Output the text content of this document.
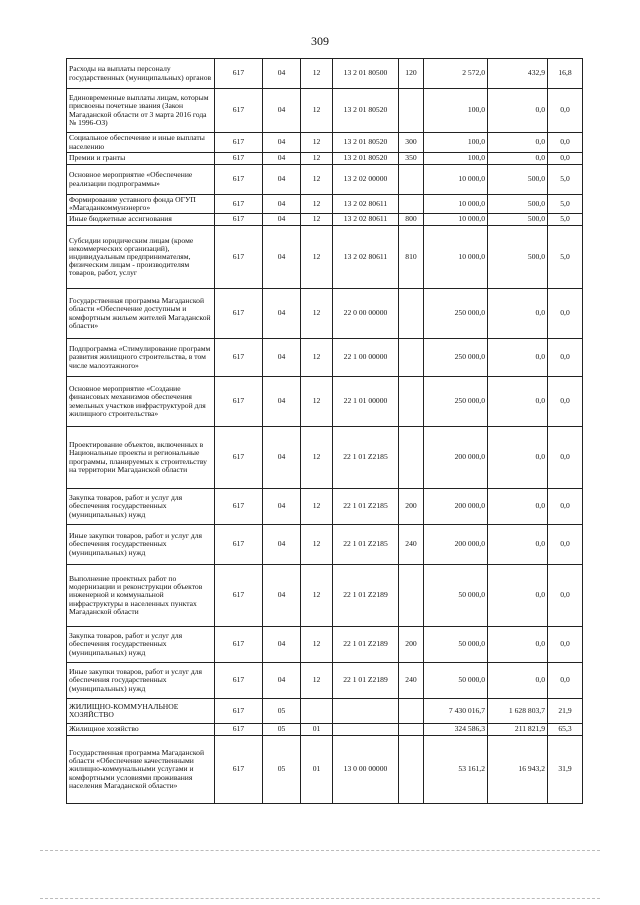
309
Расходы на выплаты персоналу государственных (муниципальных) органов	617	04	12	13 2 01 80500	120	2 572,0	432,9	16,8
Единовременные выплаты лицам, которым присвоены почетные звания (Закон Магаданской области от 3 марта 2016 года № 1996-ОЗ)	617	04	12	13 2 01 80520		100,0	0,0	0,0
Социальное обеспечение и иные выплаты населению	617	04	12	13 2 01 80520	300	100,0	0,0	0,0
Премии и гранты	617	04	12	13 2 01 80520	350	100,0	0,0	0,0
Основное мероприятие «Обеспечение реализации подпрограммы»	617	04	12	13 2 02 00000		10 000,0	500,0	5,0
Формирование уставного фонда ОГУП «Магаданкоммунэнерго»	617	04	12	13 2 02 80611		10 000,0	500,0	5,0
Иные бюджетные ассигнования	617	04	12	13 2 02 80611	800	10 000,0	500,0	5,0
Субсидии юридическим лицам (кроме некоммерческих организаций), индивидуальным предпринимателям, физическим лицам - производителям товаров, работ, услуг	617	04	12	13 2 02 80611	810	10 000,0	500,0	5,0
Государственная программа Магаданской области «Обеспечение доступным и комфортным жильем жителей Магаданской области»	617	04	12	22 0 00 00000		250 000,0	0,0	0,0
Подпрограмма «Стимулирование программ развития жилищного строительства, в том числе малоэтажного»	617	04	12	22 1 00 00000		250 000,0	0,0	0,0
Основное мероприятие «Создание финансовых механизмов обеспечения земельных участков инфраструктурой для жилищного строительства»	617	04	12	22 1 01 00000		250 000,0	0,0	0,0
Проектирование объектов, включенных в Национальные проекты и региональные программы, планируемых к строительству на территории Магаданской области	617	04	12	22 1 01 Z2185		200 000,0	0,0	0,0
Закупка товаров, работ и услуг для обеспечения государственных (муниципальных) нужд	617	04	12	22 1 01 Z2185	200	200 000,0	0,0	0,0
Иные закупки товаров, работ и услуг для обеспечения государственных (муниципальных) нужд	617	04	12	22 1 01 Z2185	240	200 000,0	0,0	0,0
Выполнение проектных работ по модернизации и реконструкции объектов инженерной и коммунальной инфраструктуры в населенных пунктах Магаданской области	617	04	12	22 1 01 Z2189		50 000,0	0,0	0,0
Закупка товаров, работ и услуг для обеспечения государственных (муниципальных) нужд	617	04	12	22 1 01 Z2189	200	50 000,0	0,0	0,0
Иные закупки товаров, работ и услуг для обеспечения государственных (муниципальных) нужд	617	04	12	22 1 01 Z2189	240	50 000,0	0,0	0,0
ЖИЛИЩНО-КОММУНАЛЬНОЕ ХОЗЯЙСТВО	617	05				7 430 016,7	1 628 803,7	21,9
Жилищное хозяйство	617	05	01			324 586,3	211 821,9	65,3
Государственная программа Магаданской области «Обеспечение качественными жилищно-коммунальными услугами и комфортными условиями проживания населения Магаданской области»	617	05	01	13 0 00 00000		53 161,2	16 943,2	31,9
